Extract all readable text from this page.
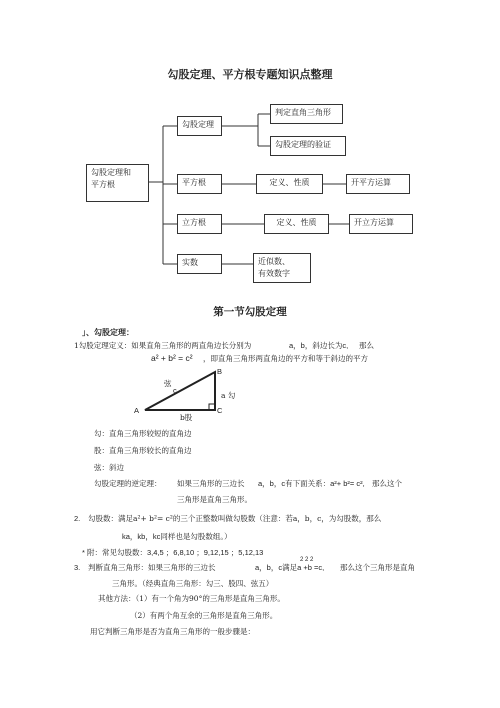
勾股定理、平方根专题知识点整理
勾股定理和
平方根
勾股定理
判定直角三角形
勾股定理的验证
平方根	定义、性质	开平方运算
立方根	定义、性质	开立方运算
实数	近似数、
有效数字
第一节勾股定理
」、勾股定理：
1勾股定理定义：如果直角三角形的两直角边长分别为	a，b，斜边长为c, 那么
a² + b² = c² ，即直角三角形两直角边的平方和等于斜边的平方
B
A	C
弦
c
a 勾
b股
勾：直角三角形较短的直角边
股：直角三角形较长的直角边
弦：斜边
勾股定理的逆定理： 如果三角形的三边长 a，b，c有下面关系：a²+ b²= c², 那么这个
三角形是直角三角形。
2. 勾股数：满足a²+ b²= c²的三个正整数叫做勾股数（注意：若a，b，c，为勾股数，那么
ka，kb，kc同样也是勾股数组。）
* 附：常见勾股数：3,4,5 ；6,8,10 ；9,12,15 ；5,12,13
2 2 2
3. 判断直角三角形：如果三角形的三边长	a，b，c满足a +b =c, 那么这个三角形是直角
三角形。（经典直角三角形：勾三、股四、弦五）
其他方法：（1）有一个角为90°的三角形是直角三角形。
（2）有两个角互余的三角形是直角三角形。
用它判断三角形是否为直角三角形的一般步骤是：
